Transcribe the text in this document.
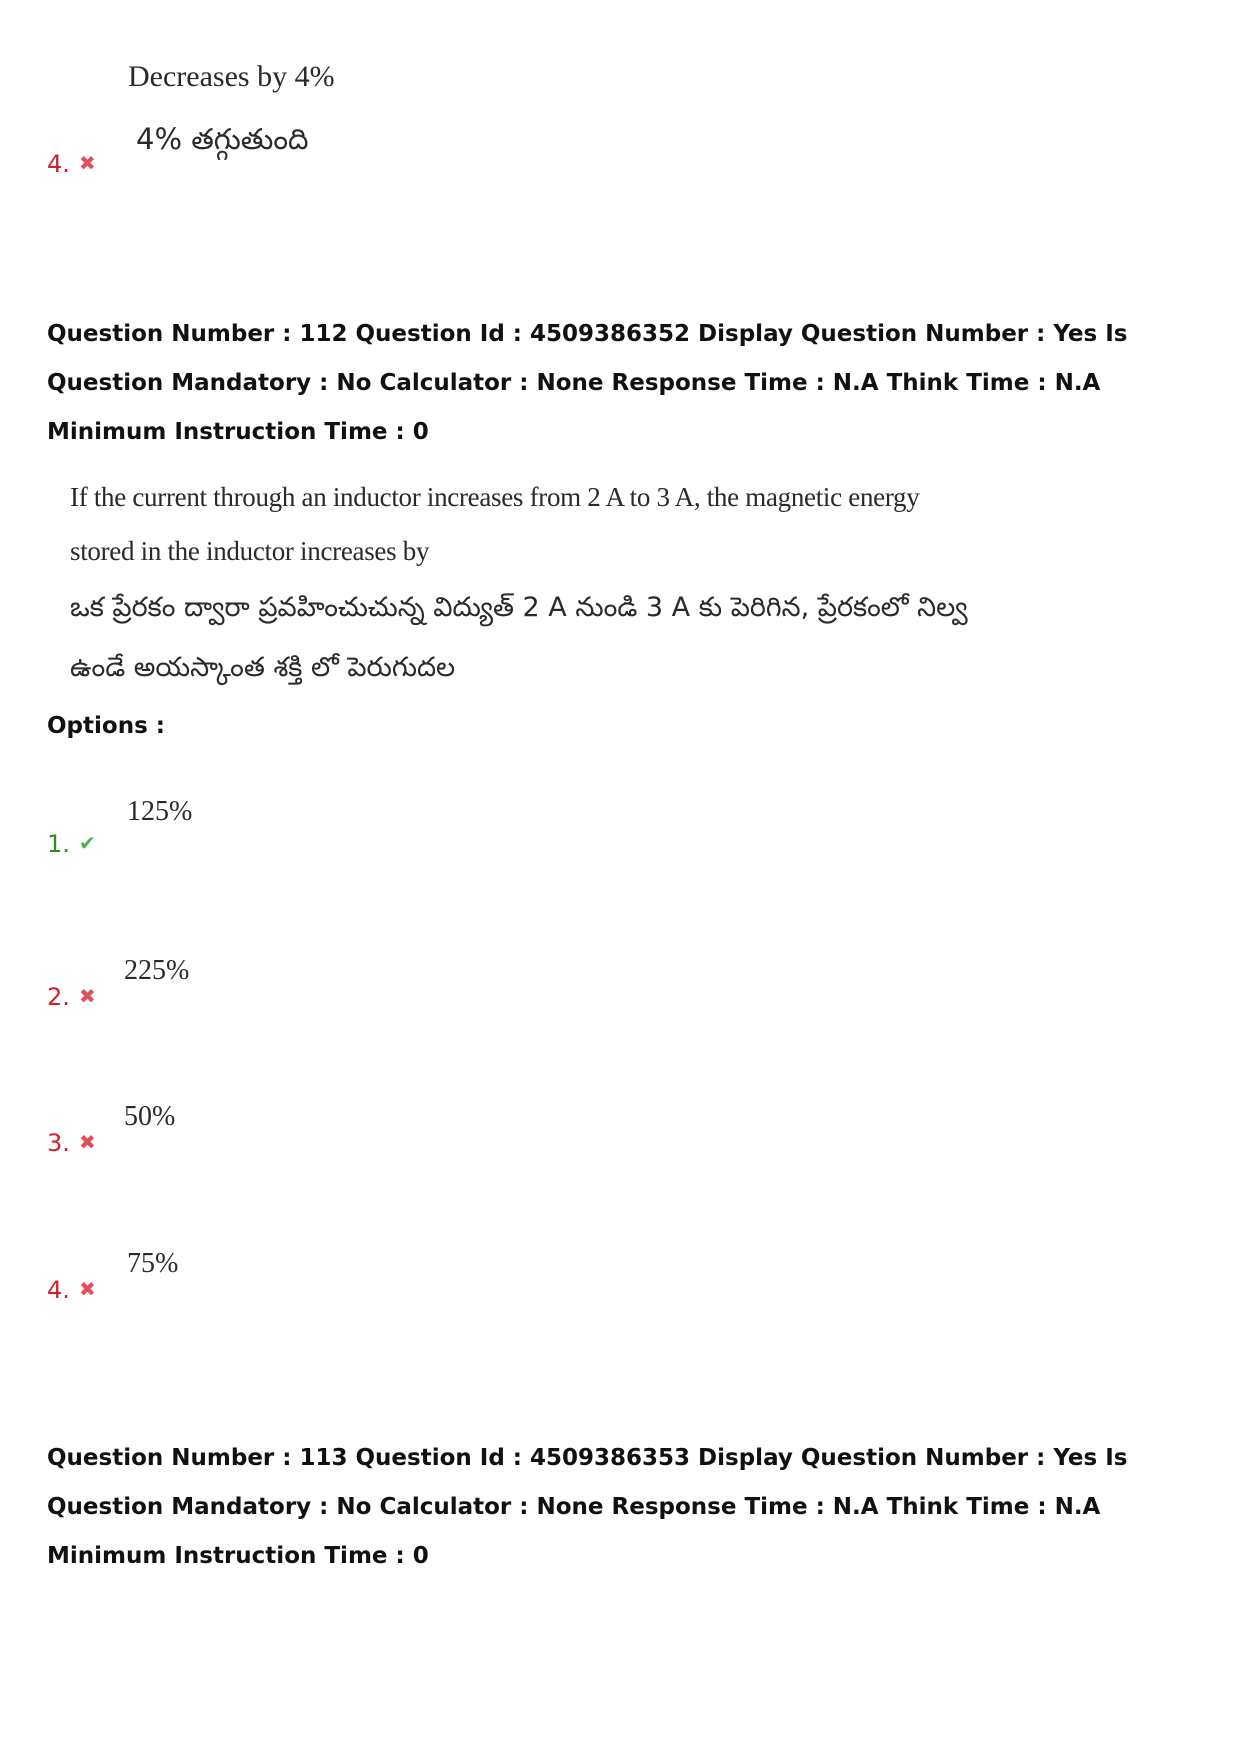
Decreases by 4%
4% తగ్గుతుంది
4. ✖
Question Number : 112 Question Id : 4509386352 Display Question Number : Yes Is Question Mandatory : No Calculator : None Response Time : N.A Think Time : N.A Minimum Instruction Time : 0
If the current through an inductor increases from 2 A to 3 A, the magnetic energy stored in the inductor increases by
ఒక ప్రేరకం ద్వారా ప్రవహించుచున్న విద్యుత్ 2 A నుండి 3 A కు పెరిగిన, ప్రేరకంలో నిల్వ ఉండే అయస్కాంత శక్తి లో పెరుగుదల
Options :
125%
1. ✔
225%
2. ✖
50%
3. ✖
75%
4. ✖
Question Number : 113 Question Id : 4509386353 Display Question Number : Yes Is Question Mandatory : No Calculator : None Response Time : N.A Think Time : N.A Minimum Instruction Time : 0
